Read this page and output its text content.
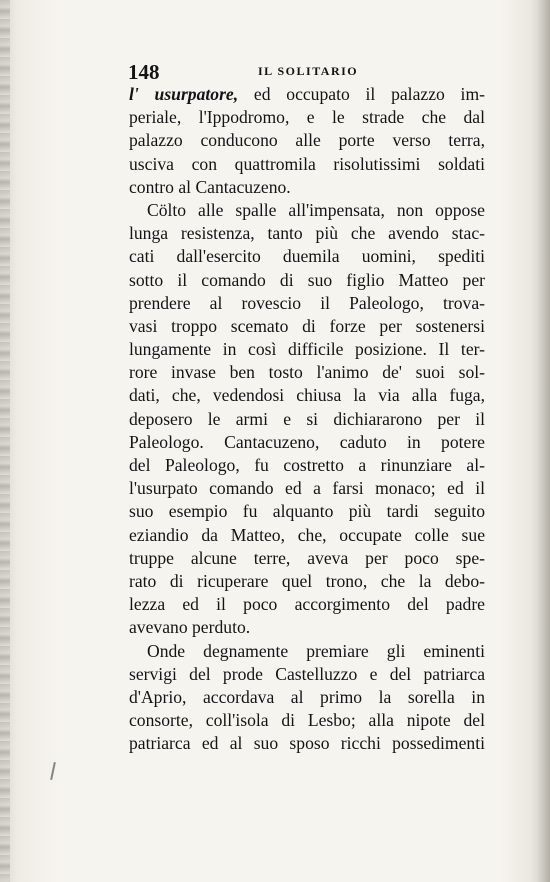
148	IL SOLITARIO
l' usurpatore, ed occupato il palazzo im-
periale, l'Ippodromo, e le strade che dal
palazzo conducono alle porte verso terra,
usciva con quattromila risolutissimi soldati
contro al Cantacuzeno.
Cölto alle spalle all'impensata, non oppose
lunga resistenza, tanto più che avendo stac-
cati dall'esercito duemila uomini, spediti
sotto il comando di suo figlio Matteo per
prendere al rovescio il Paleologo, trova-
vasi troppo scemato di forze per sostenersi
lungamente in così difficile posizione. Il ter-
rore invase ben tosto l'animo de' suoi sol-
dati, che, vedendosi chiusa la via alla fuga,
deposero le armi e si dichiararono per il
Paleologo. Cantacuzeno, caduto in potere
del Paleologo, fu costretto a rinunziare al-
l'usurpato comando ed a farsi monaco; ed il
suo esempio fu alquanto più tardi seguito
eziandio da Matteo, che, occupate colle sue
truppe alcune terre, aveva per poco spe-
rato di ricuperare quel trono, che la debo-
lezza ed il poco accorgimento del padre
avevano perduto.
Onde degnamente premiare gli eminenti
servigi del prode Castelluzzo e del patriarca
d'Aprio, accordava al primo la sorella in
consorte, coll'isola di Lesbo; alla nipote del
patriarca ed al suo sposo ricchi possedimenti
